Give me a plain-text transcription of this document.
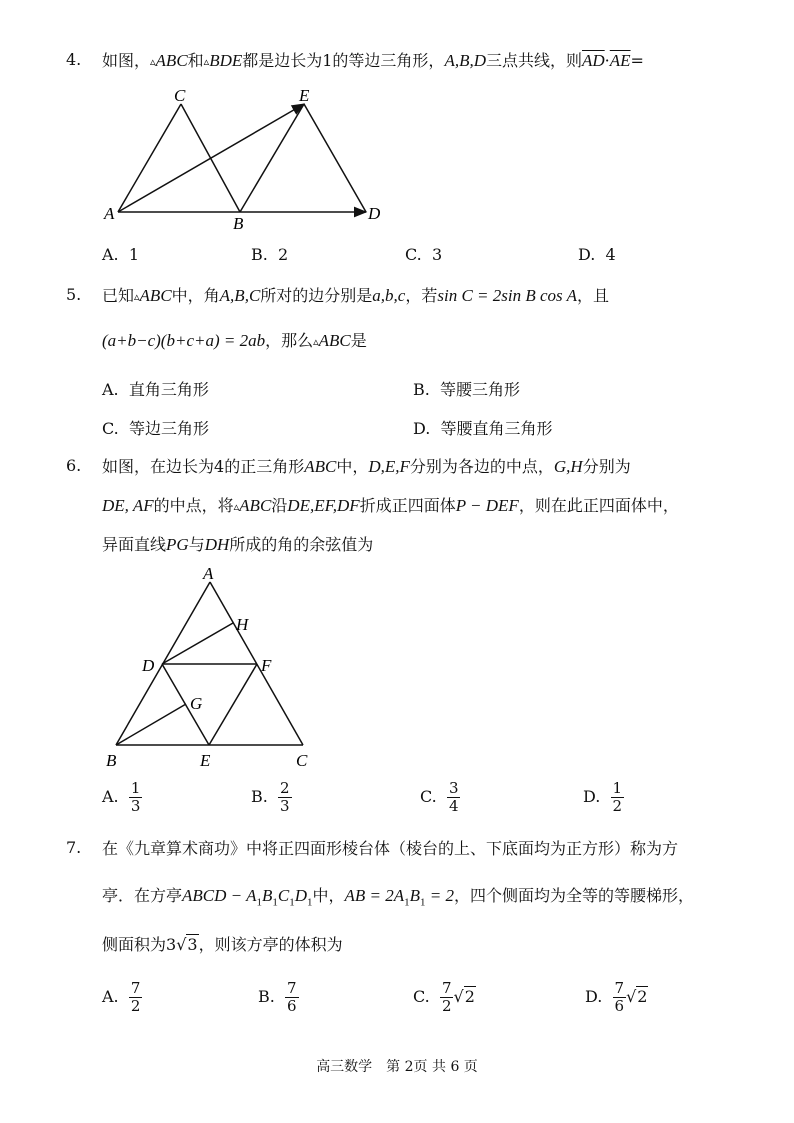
4. 如图，▵ABC和▵BDE都是边长为1的等边三角形，A,B,D三点共线，则$\overline{AD}\cdot\overline{AE}=$
C	E
A
B
D
A. 1	B. 2	C. 3	D. 4
5. 已知▵ABC中，角A,B,C所对的边分别是a,b,c，若sin C = 2sin B cos A，且
(a+b−c)(b+c+a) = 2ab，那么▵ABC是
A. 直角三角形	B. 等腰三角形
C. 等边三角形	D. 等腰直角三角形
6. 如图，在边长为4的正三角形ABC中，D,E,F分别为各边的中点，G,H分别为
DE, AF的中点，将▵ABC沿DE,EF,DF折成正四面体P − DEF，则在此正四面体中，
异面直线PG与DH所成的角的余弦值为
A
H
D	F
G
B	E	C
A. $\frac{1}{3}$	B. $\frac{2}{3}$	C. $\frac{3}{4}$	D. $\frac{1}{2}$
7. 在《九章算术商功》中将正四面形棱台体（棱台的上、下底面均为正方形）称为方
亭．在方亭ABCD − $A_1B_1C_1D_1$中，AB = $2A_1B_1 = 2$，四个侧面均为全等的等腰梯形，
侧面积为3√3，则该方亭的体积为
A. $\frac{7}{2}$	B. $\frac{7}{6}$	C. $\frac{7}{2} √2$	D. $\frac{7}{6} √2$
高三数学　第 2页 共 6 页
